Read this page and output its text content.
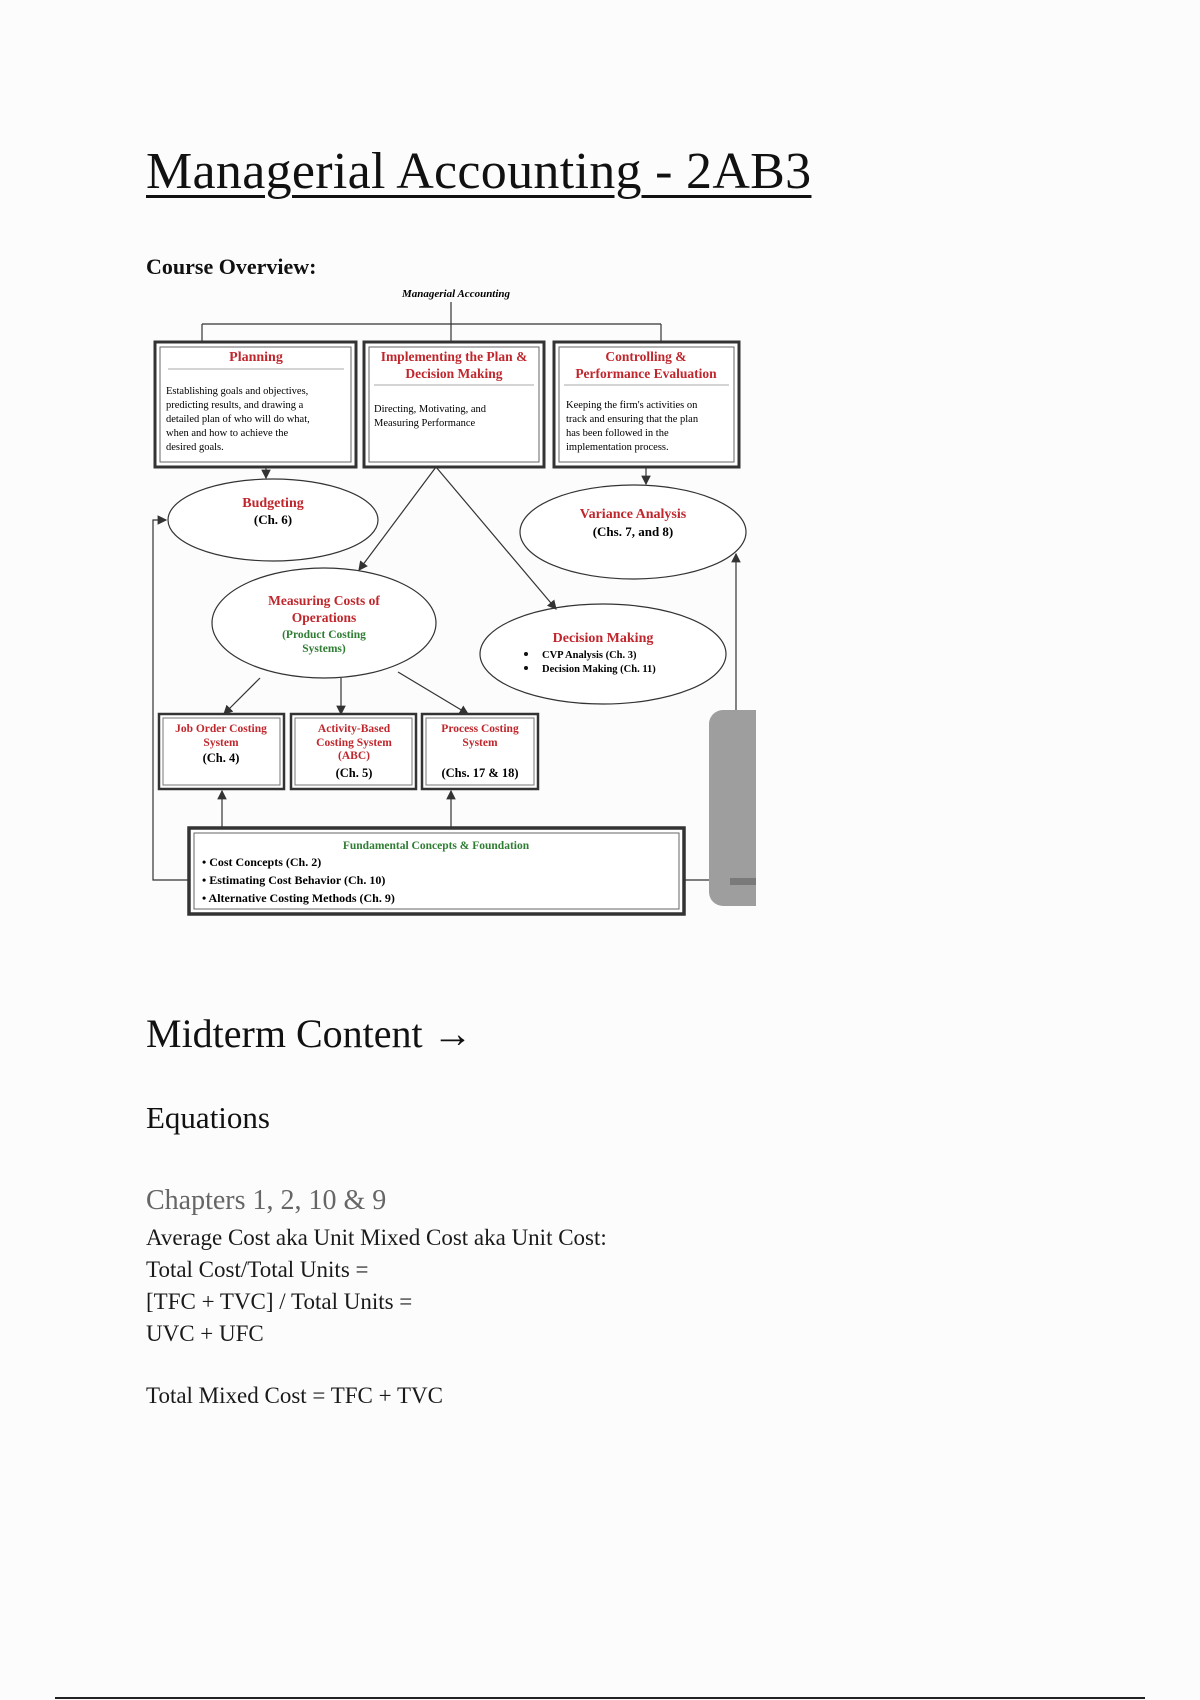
Managerial Accounting - 2AB3
Course Overview:
Managerial Accounting
Planning
Establishing goals and objectives,
predicting results, and drawing a
detailed plan of who will do what,
when and how to achieve the
desired goals.
Implementing the Plan &
Decision Making
Directing, Motivating, and
Measuring Performance
Controlling &
Performance Evaluation
Keeping the firm's activities on
track and ensuring that the plan
has been followed in the
implementation process.
Budgeting
(Ch. 6)	Variance Analysis
(Chs. 7, and 8)
Measuring Costs of
Operations
(Product Costing
Systems)
Decision Making
CVP Analysis (Ch. 3)
Decision Making (Ch. 11)
Job Order Costing
System
(Ch. 4)
Activity-Based
Costing System
(ABC)
(Ch. 5)
Process Costing
System
(Chs. 17 & 18)
Fundamental Concepts & Foundation
• Cost Concepts (Ch. 2)
• Estimating Cost Behavior (Ch. 10)
• Alternative Costing Methods (Ch. 9)
Midterm Content →
Equations
Chapters 1, 2, 10 & 9
Average Cost aka Unit Mixed Cost aka Unit Cost:
Total Cost/Total Units =
[TFC + TVC] / Total Units =
UVC + UFC
Total Mixed Cost = TFC + TVC
